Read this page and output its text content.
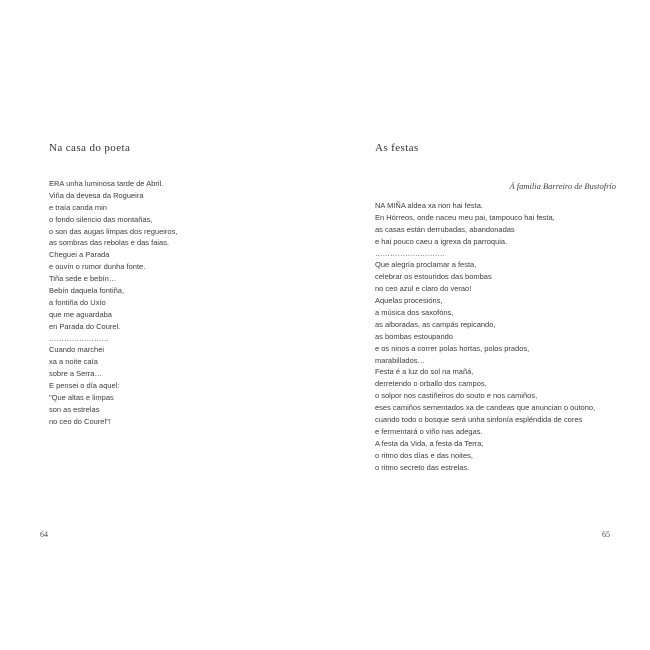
Na casa do poeta
ERA unha luminosa tarde de Abril.
Viña da devesa da Rogueira
e traía canda min
o fondo silencio das montañas,
o son das augas limpas dos regueiros,
as sombras das rebolas e das faias.
Cheguei a Parada
e ouvín o rumor dunha fonte.
Tiña sede e bebín…
Bebín daquela fontiña,
a fontiña do Uxío
que me aguardaba
en Parada do Courel.
……………………
Cuando marchei
xa a noite caía
sobre a Serra…
E pensei o día aquel:
"Que altas e limpas
son as estrelas
no ceo do Courel"!
64
As festas
Á familia Barreiro de Bustofrío
NA MIÑA aldea xa non hai festa.
En Hórreos, onde naceu meu pai, tampouco hai festa,
as casas están derrubadas, abandonadas
e hai pouco caeu a igrexa da parroquia.
……………………….
Que alegría proclamar a festa,
celebrar os estouridos das bombas
no ceo azul e claro do verao!
Aquelas procesións,
a música dos saxofóns,
as alboradas, as campás repicando,
as bombas estoupando
e os ninos a correr polas hortas, polos prados,
marabillados…
Festa é a luz do sol na mañá,
derretendo o orballo dos campos,
o solpor nos castiñeiros do souto e nos camiños,
eses camiños sementados xa de candeas que anuncian o outono,
cuando todo o bosque será unha sinfonía espléndida de cores
e fermentará o viño nas adegas.
A festa da Vida, a festa da Terra,
o ritmo dos días e das noites,
o ritmo secreto das estrelas.
65
